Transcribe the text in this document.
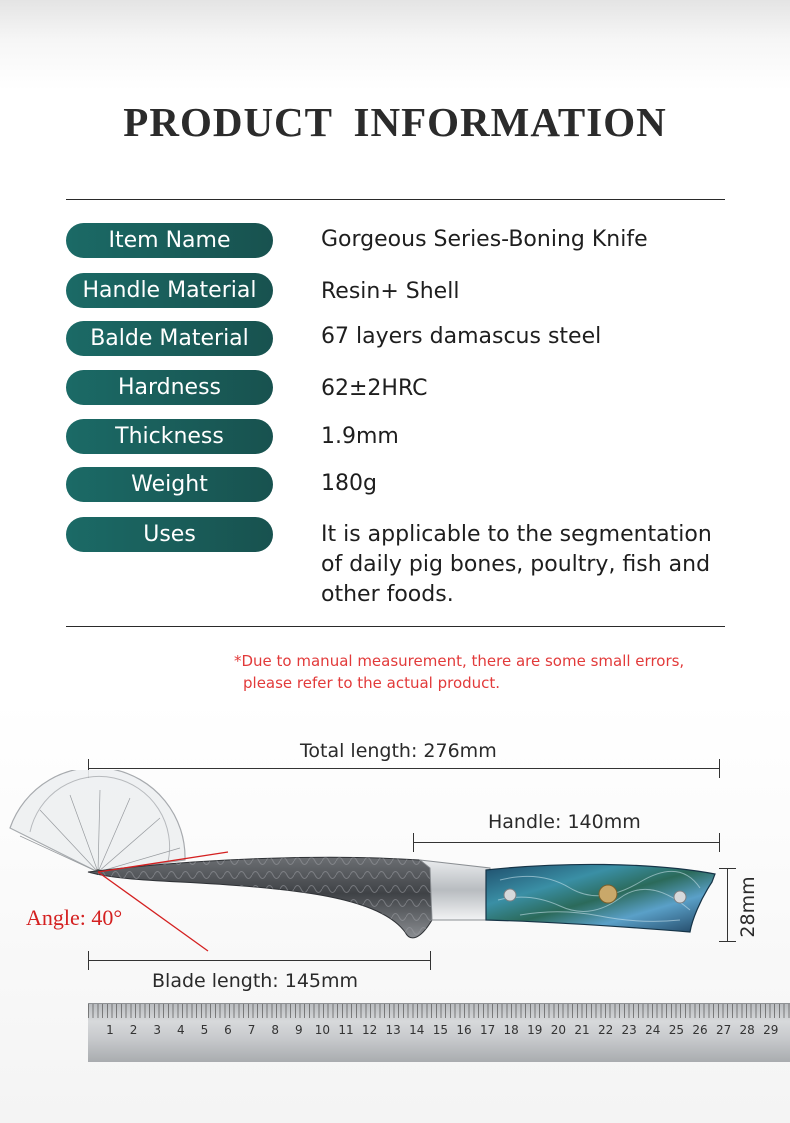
PRODUCT INFORMATION
Item Name	Gorgeous Series-Boning Knife
Handle Material	Resin+ Shell
Balde Material	67 layers damascus steel
Hardness	62±2HRC
Thickness	1.9mm
Weight	180g
Uses	It is applicable to the segmentation
of daily pig bones, poultry, fish and
other foods.
*Due to manual measurement, there are some small errors,
please refer to the actual product.
Total length: 276mm
Handle: 140mm
Angle: 40°	28mm
Blade length: 145mm
1 2 3 4 5 6 7 8 9 10 11 12 13 14 15 16 17 18 19 20 21 22 23 24 25 26 27 28 29
